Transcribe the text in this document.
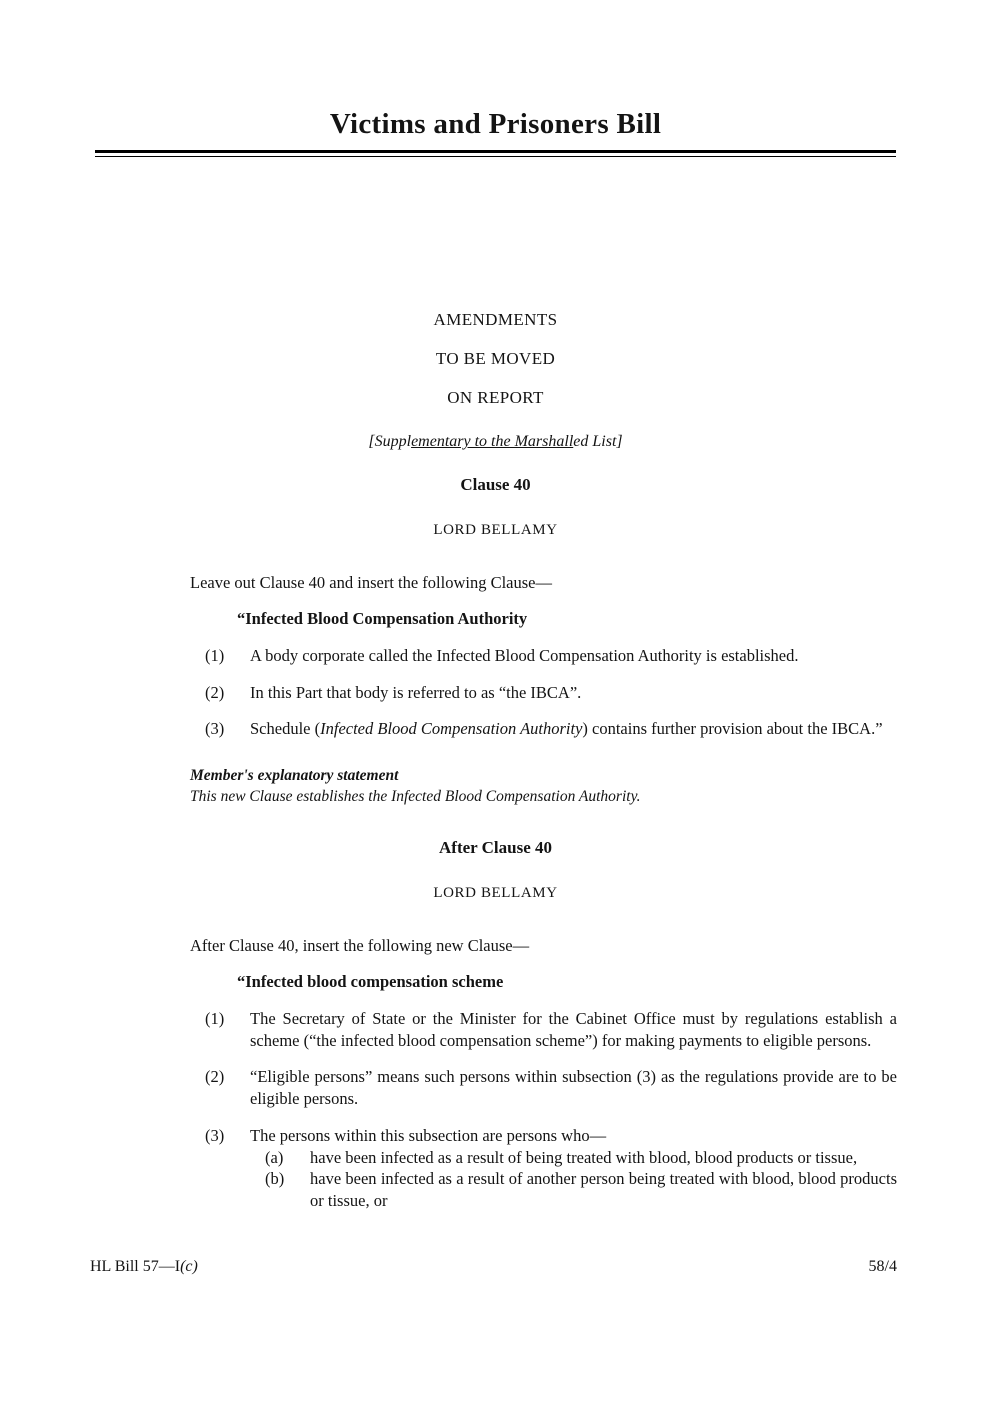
Victims and Prisoners Bill
AMENDMENTS
TO BE MOVED
ON REPORT
[Supplementary to the Marshalled List]
Clause 40
LORD BELLAMY

Leave out Clause 40 and insert the following Clause—

“Infected Blood Compensation Authority
(1)	A body corporate called the Infected Blood Compensation Authority is established.
(2)	In this Part that body is referred to as “the IBCA”.
(3)	Schedule (Infected Blood Compensation Authority) contains further provision about the IBCA.”
Member's explanatory statement
This new Clause establishes the Infected Blood Compensation Authority.
After Clause 40
LORD BELLAMY

After Clause 40, insert the following new Clause—

“Infected blood compensation scheme
(1)	The Secretary of State or the Minister for the Cabinet Office must by regulations establish a scheme (“the infected blood compensation scheme”) for making payments to eligible persons.
(2)	“Eligible persons” means such persons within subsection (3) as the regulations provide are to be eligible persons.
(3)	The persons within this subsection are persons who—
(a)	have been infected as a result of being treated with blood, blood products or tissue,
(b)	have been infected as a result of another person being treated with blood, blood products or tissue, or
HL Bill 57—I(c)	58/4
